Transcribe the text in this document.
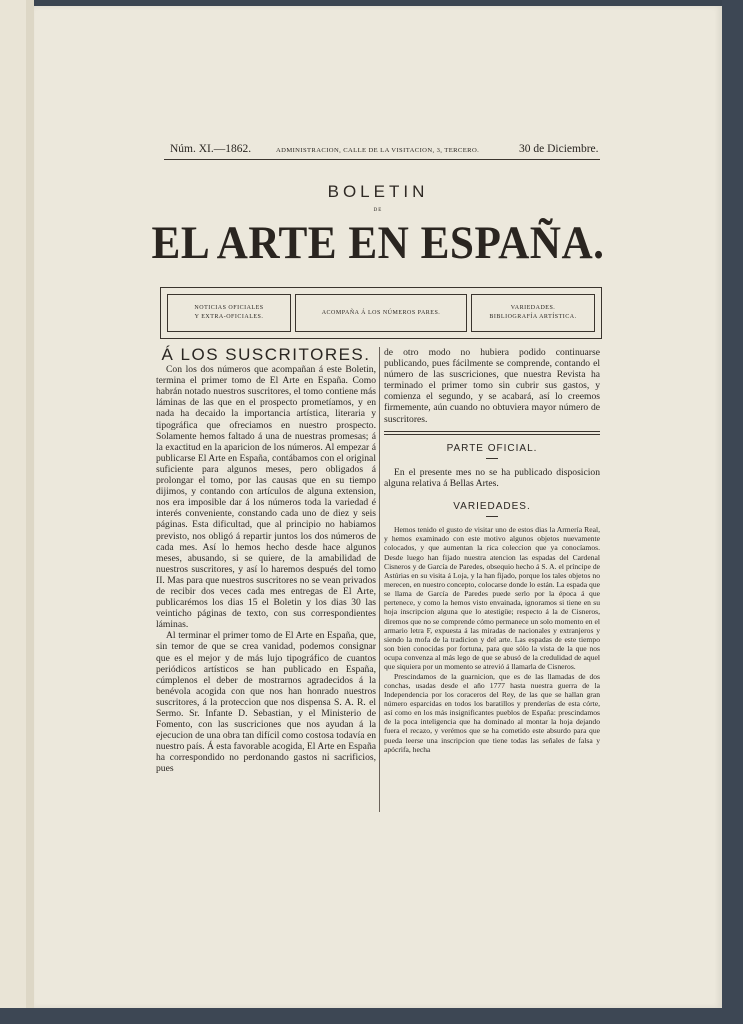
Núm. XI.—1862.	ADMINISTRACION, CALLE DE LA VISITACION, 3, TERCERO.	30 de Diciembre.
BOLETIN
DE
EL ARTE EN ESPAÑA.
NOTICIAS OFICIALES
Y EXTRA-OFICIALES.
ACOMPAÑA Á LOS NÚMEROS PARES.
VARIEDADES.
BIBLIOGRAFÍA ARTÍSTICA.
Á LOS SUSCRITORES.

Con los dos números que acompañan á este Boletin, termina el primer tomo de El Arte en España. Como habrán notado nuestros suscritores, el tomo contiene más láminas de las que en el prospecto prometíamos, y en nada ha decaido la importancia artística, literaria y tipográfica que ofreciamos en nuestro prospecto. Solamente hemos faltado á una de nuestras promesas; á la exactitud en la aparicion de los números. Al empezar á publicarse El Arte en España, contábamos con el original suficiente para algunos meses, pero obligados á prolongar el tomo, por las causas que en su tiempo dijimos, y contando con artículos de alguna extension, nos era imposible dar á los números toda la variedad é interés conveniente, constando cada uno de diez y seis páginas. Esta dificultad, que al principio no habiamos previsto, nos obligó á repartir juntos los dos números de cada mes. Así lo hemos hecho desde hace algunos meses, abusando, si se quiere, de la amabilidad de nuestros suscritores, y así lo haremos después del tomo II. Mas para que nuestros suscritores no se vean privados de recibir dos veces cada mes entregas de El Arte, publicarémos los dias 15 el Boletin y los dias 30 las veinticho páginas de texto, con sus correspondientes láminas.

Al terminar el primer tomo de El Arte en España, que, sin temor de que se crea vanidad, podemos consignar que es el mejor y de más lujo tipográfico de cuantos periódicos artísticos se han publicado en España, cúmplenos el deber de mostrarnos agradecidos á la benévola acogida con que nos han honrado nuestros suscritores, á la proteccion que nos dispensa S. A. R. el Sermo. Sr. Infante D. Sebastian, y el Ministerio de Fomento, con las suscriciones que nos ayudan á la ejecucion de una obra tan difícil como costosa todavía en nuestro país. Á esta favorable acogida, El Arte en España ha correspondido no perdonando gastos ni sacrificios, pues

de otro modo no hubiera podido continuarse publicando, pues fácilmente se comprende, contando el número de las suscriciones, que nuestra Revista ha terminado el primer tomo sin cubrir sus gastos, y comienza el segundo, y se acabará, así lo creemos firmemente, aún cuando no obtuviera mayor número de suscritores.

PARTE OFICIAL.

En el presente mes no se ha publicado disposicion alguna relativa á Bellas Artes.

VARIEDADES.

Hemos tenido el gusto de visitar uno de estos dias la Armería Real, y hemos examinado con este motivo algunos objetos nuevamente colocados, y que aumentan la rica coleccion que ya conocíamos. Desde luego han fijado nuestra atencion las espadas del Cardenal Cisneros y de García de Paredes, obsequio hecho á S. A. el príncipe de Astúrias en su visita á Loja, y la han fijado, porque los tales objetos no merecen, en nuestro concepto, colocarse donde lo están. La espada que se llama de García de Paredes puede serlo por la época á que pertenece, y como la hemos visto envainada, ignoramos si tiene en su hoja inscripcion alguna que lo atestigüe; respecto á la de Cisneros, diremos que no se comprende cómo permanece un solo momento en el armario letra F, expuesta á las miradas de nacionales y extranjeros y siendo la mofa de la tradicion y del arte. Las espadas de este tiempo son bien conocidas por fortuna, para que sólo la vista de la que nos ocupa convenza al más lego de que se abusó de la credulidad de aquel que siquiera por un momento se atrevió á llamarla de Cisneros.

Prescindamos de la guarnicion, que es de las llamadas de dos conchas, usadas desde el año 1777 hasta nuestra guerra de la Independencia por los coraceros del Rey, de las que se hallan gran número esparcidas en todos los baratillos y prenderías de esta córte, así como en los más insignificantes pueblos de España: prescindamos de la poca inteligencia que ha dominado al montar la hoja dejando fuera el recazo, y verémos que se ha cometido este absurdo para que pueda leerse una inscripcion que tiene todas las señales de falsa y apócrifa, hecha
